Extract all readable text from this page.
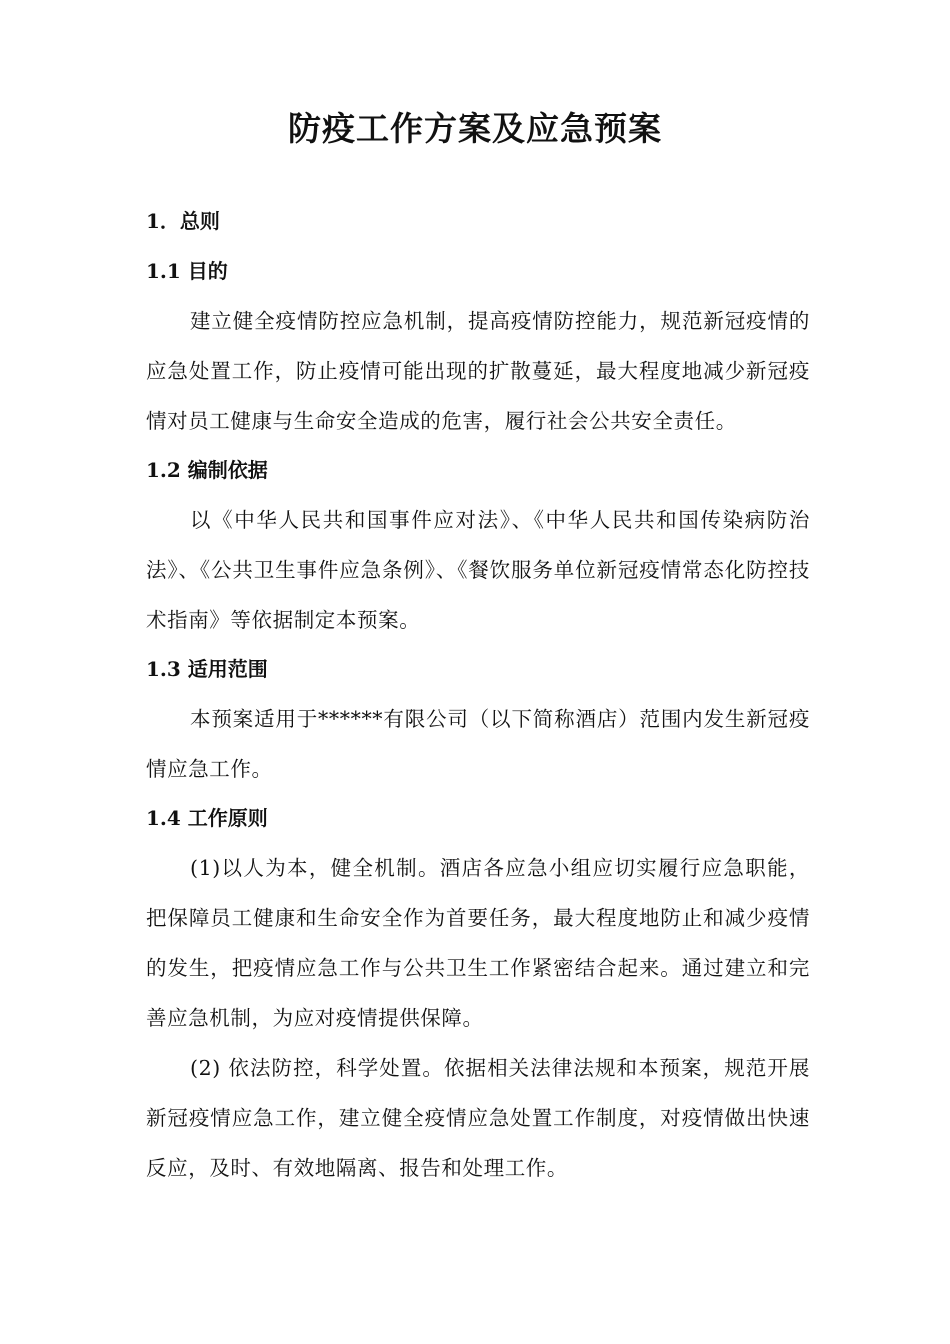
防疫工作方案及应急预案
1．总则
1.1 目的
建立健全疫情防控应急机制，提高疫情防控能力，规范新冠疫情的应急处置工作，防止疫情可能出现的扩散蔓延，最大程度地减少新冠疫情对员工健康与生命安全造成的危害，履行社会公共安全责任。
1.2 编制依据
以《中华人民共和国事件应对法》、《中华人民共和国传染病防治法》、《公共卫生事件应急条例》、《餐饮服务单位新冠疫情常态化防控技术指南》等依据制定本预案。
1.3 适用范围
本预案适用于******有限公司（以下简称酒店）范围内发生新冠疫情应急工作。
1.4 工作原则
(1)以人为本，健全机制。酒店各应急小组应切实履行应急职能，把保障员工健康和生命安全作为首要任务，最大程度地防止和减少疫情的发生，把疫情应急工作与公共卫生工作紧密结合起来。通过建立和完善应急机制，为应对疫情提供保障。
(2) 依法防控，科学处置。依据相关法律法规和本预案，规范开展新冠疫情应急工作，建立健全疫情应急处置工作制度，对疫情做出快速反应，及时、有效地隔离、报告和处理工作。
